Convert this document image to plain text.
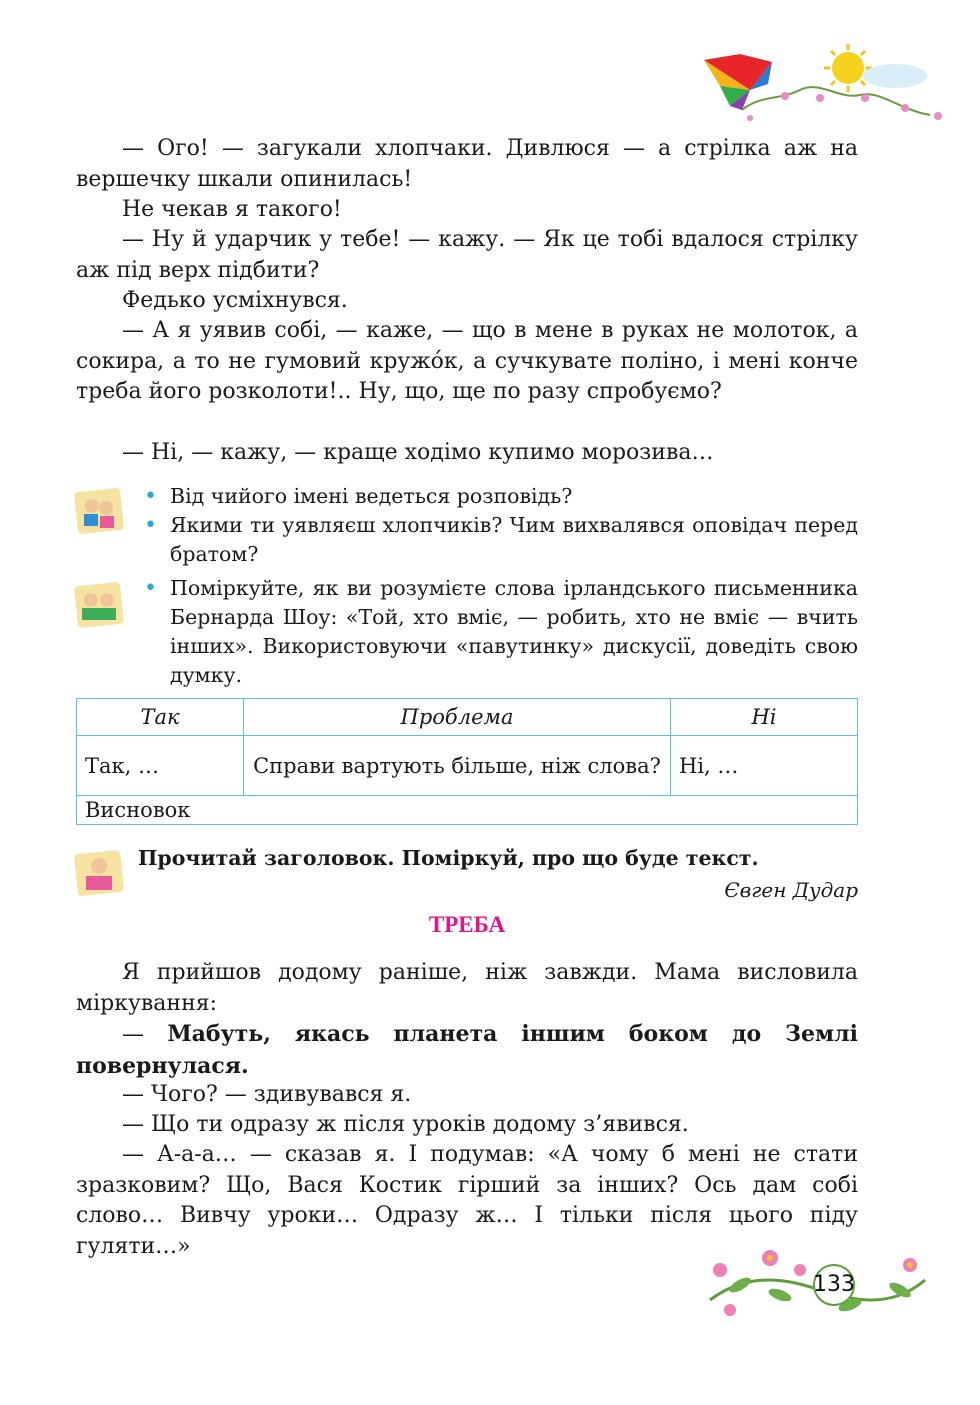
— Ого! — загукали хлопчаки. Дивлюся — а стрілка аж на вершечку шкали опинилась!

Не чекав я такого!

— Ну й ударчик у тебе! — кажу. — Як це тобі вдалося стрілку аж під верх підбити?

Федько усміхнувся.

— А я уявив собі, — каже, — що в мене в руках не молоток, а сокира, а то не гумовий кружо́к, а сучкувате поліно, і мені конче треба його розколоти!.. Ну, що, ще по разу спробуємо?

— Ні, — кажу, — краще ходімо купимо морозива…

• Від чийого імені ведеться розповідь?
• Якими ти уявляєш хлопчиків? Чим вихвалявся оповідач перед братом?
• Поміркуйте, як ви розумієте слова ірландського письменника Бернарда Шоу: «Той, хто вміє, — робить, хто не вміє — вчить інших». Використовуючи «павутинку» дискусії, доведіть свою думку.
Так	Проблема	Ні
Так, …	Справи вартують більше, ніж слова?	Ні, …
Висновок		
Прочитай заголовок. Поміркуй, про що буде текст.
Євген Дудар
ТРЕБА

Я прийшов додому раніше, ніж завжди. Мама висловила міркування:

— Мабуть, якась планета іншим боком до Землі повернулася.

— Чого? — здивувався я.

— Що ти одразу ж після уроків додому з’явився.

— А-а-а… — сказав я. І подумав: «А чому б мені не стати зразковим? Що, Вася Костик гірший за інших? Ось дам собі слово… Вивчу уроки… Одразу ж… І тільки після цього піду гуляти…»

133
